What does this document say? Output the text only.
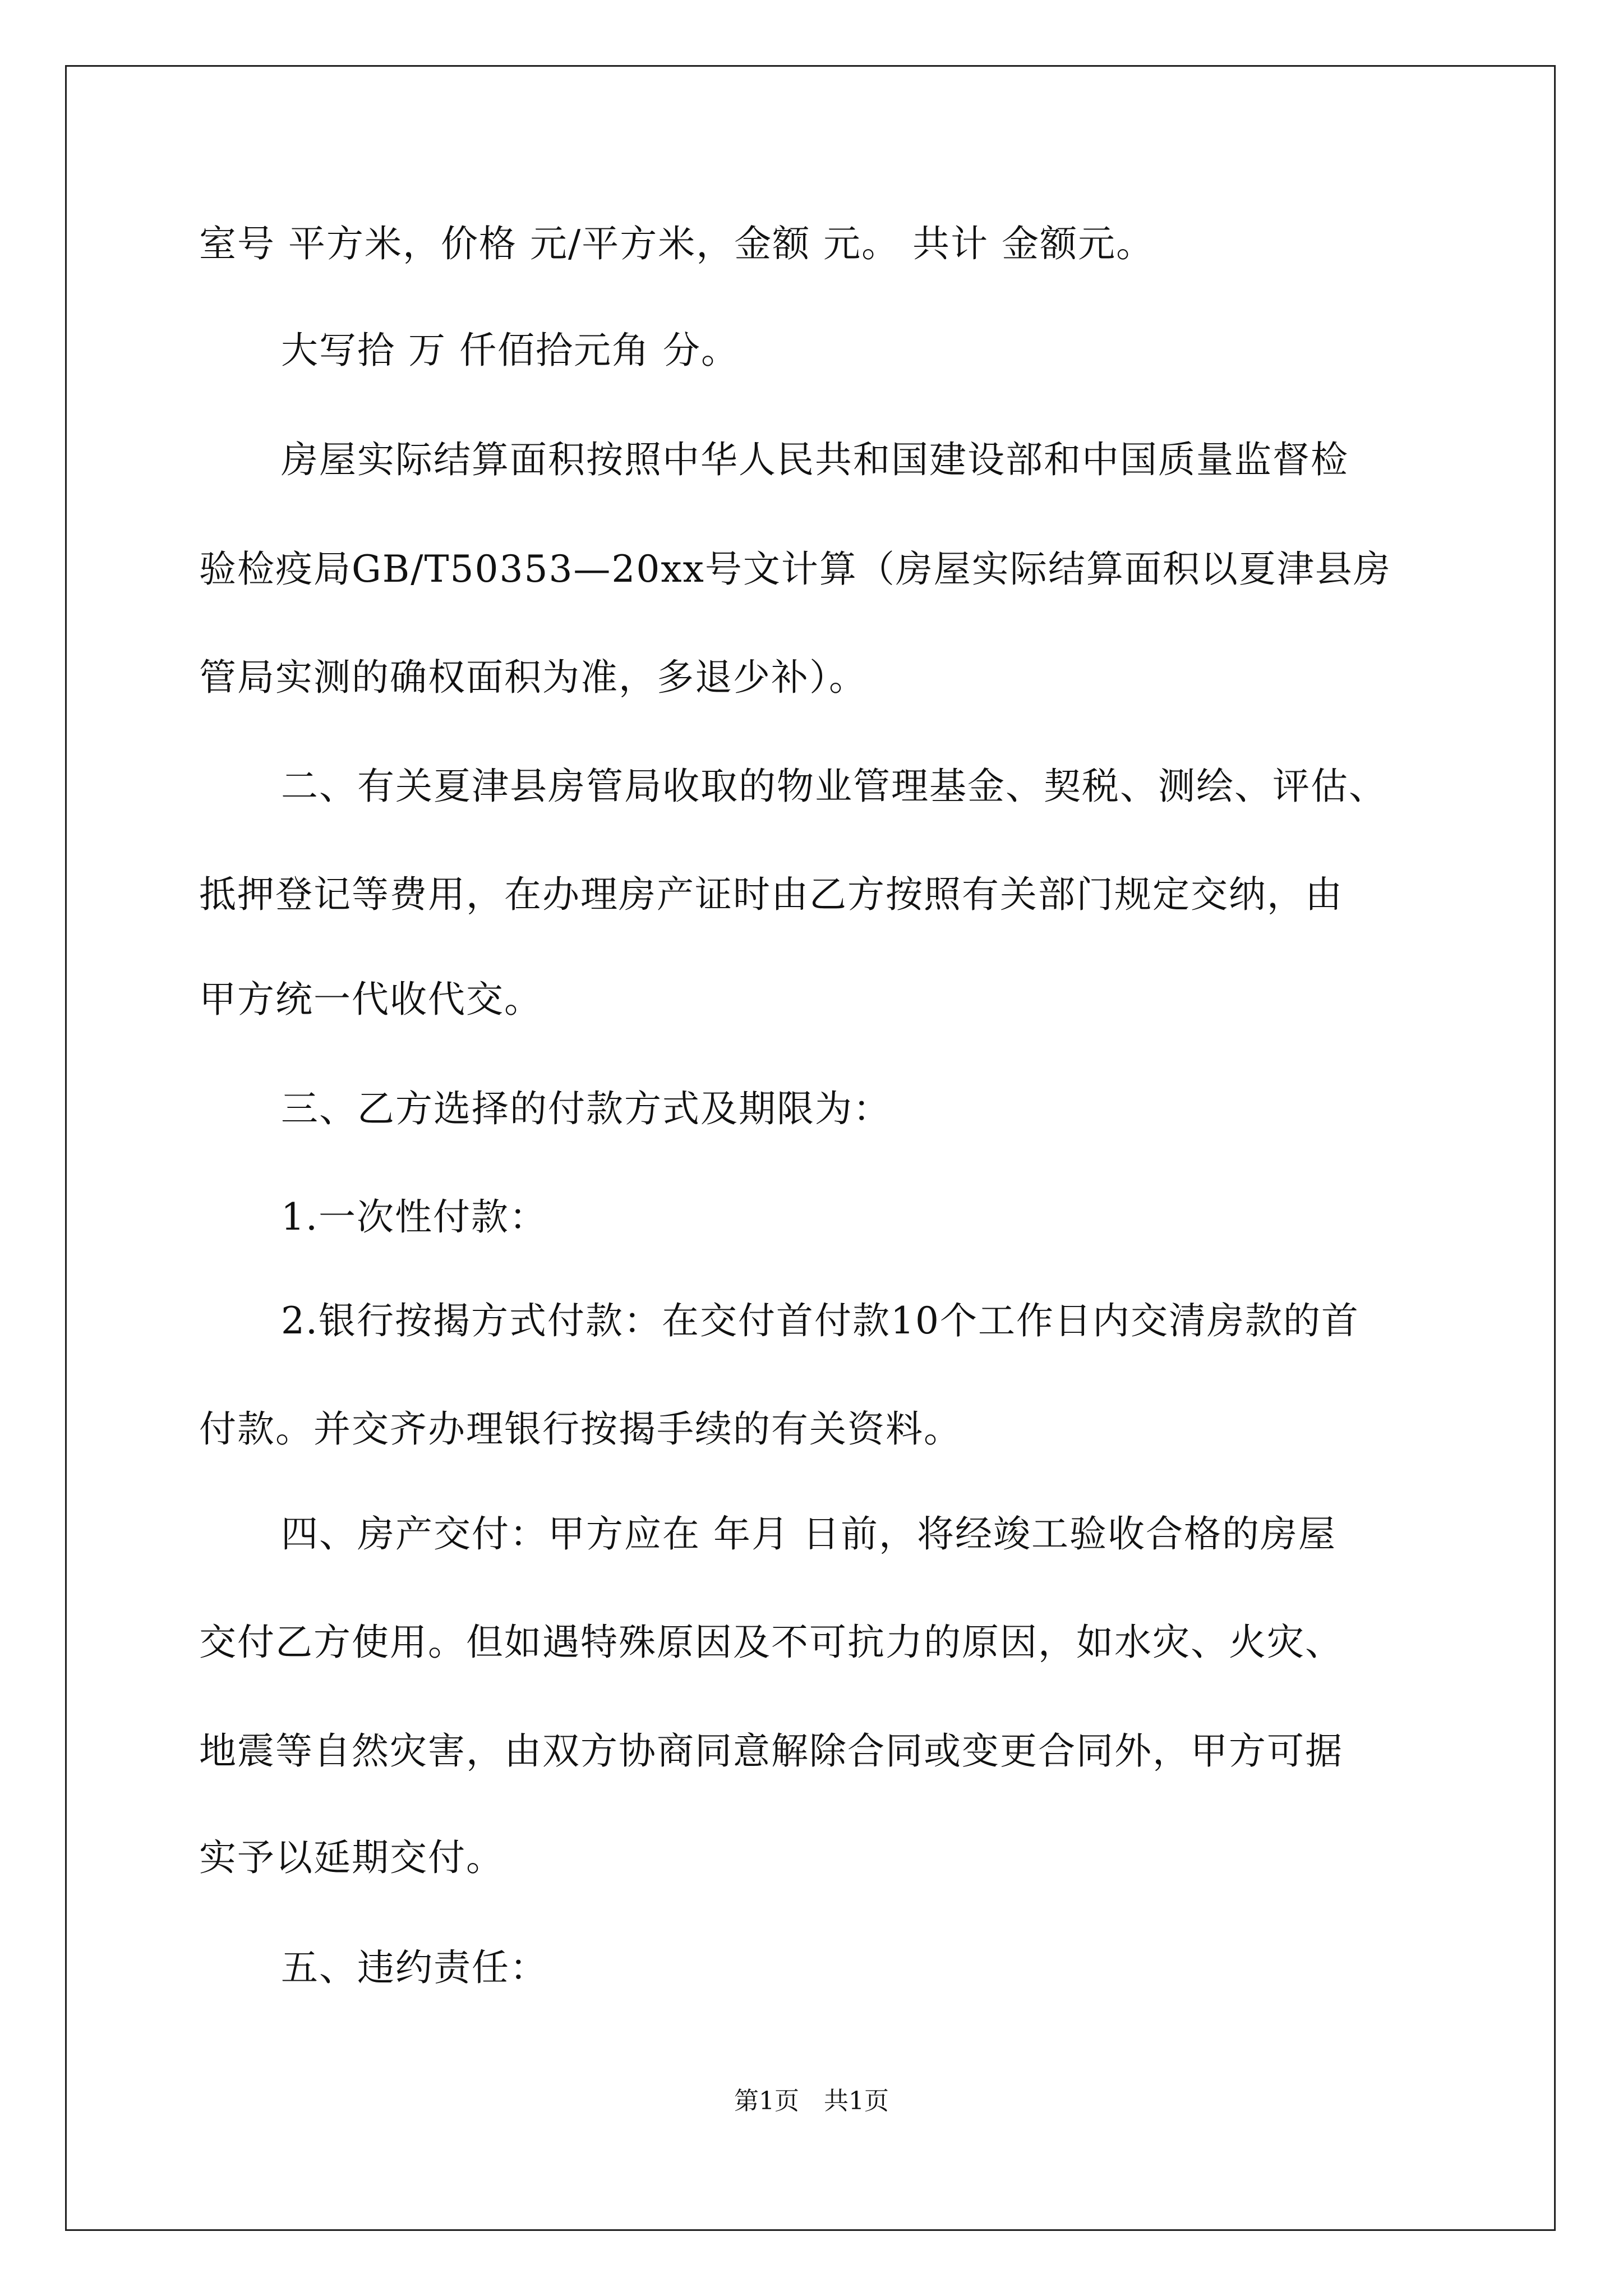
室号 平方米，价格 元/平方米，金额 元。 共计 金额元。
大写拾 万 仟佰拾元角 分。
房屋实际结算面积按照中华人民共和国建设部和中国质量监督检
验检疫局GB/T50353—20xx号文计算（房屋实际结算面积以夏津县房
管局实测的确权面积为准，多退少补）。
二、有关夏津县房管局收取的物业管理基金、契税、测绘、评估、
抵押登记等费用，在办理房产证时由乙方按照有关部门规定交纳，由
甲方统一代收代交。
三、乙方选择的付款方式及期限为：
1.一次性付款：
2.银行按揭方式付款：在交付首付款10个工作日内交清房款的首
付款。并交齐办理银行按揭手续的有关资料。
四、房产交付：甲方应在 年月 日前，将经竣工验收合格的房屋
交付乙方使用。但如遇特殊原因及不可抗力的原因，如水灾、火灾、
地震等自然灾害，由双方协商同意解除合同或变更合同外，甲方可据
实予以延期交付。
五、违约责任：
第1页　共1页
